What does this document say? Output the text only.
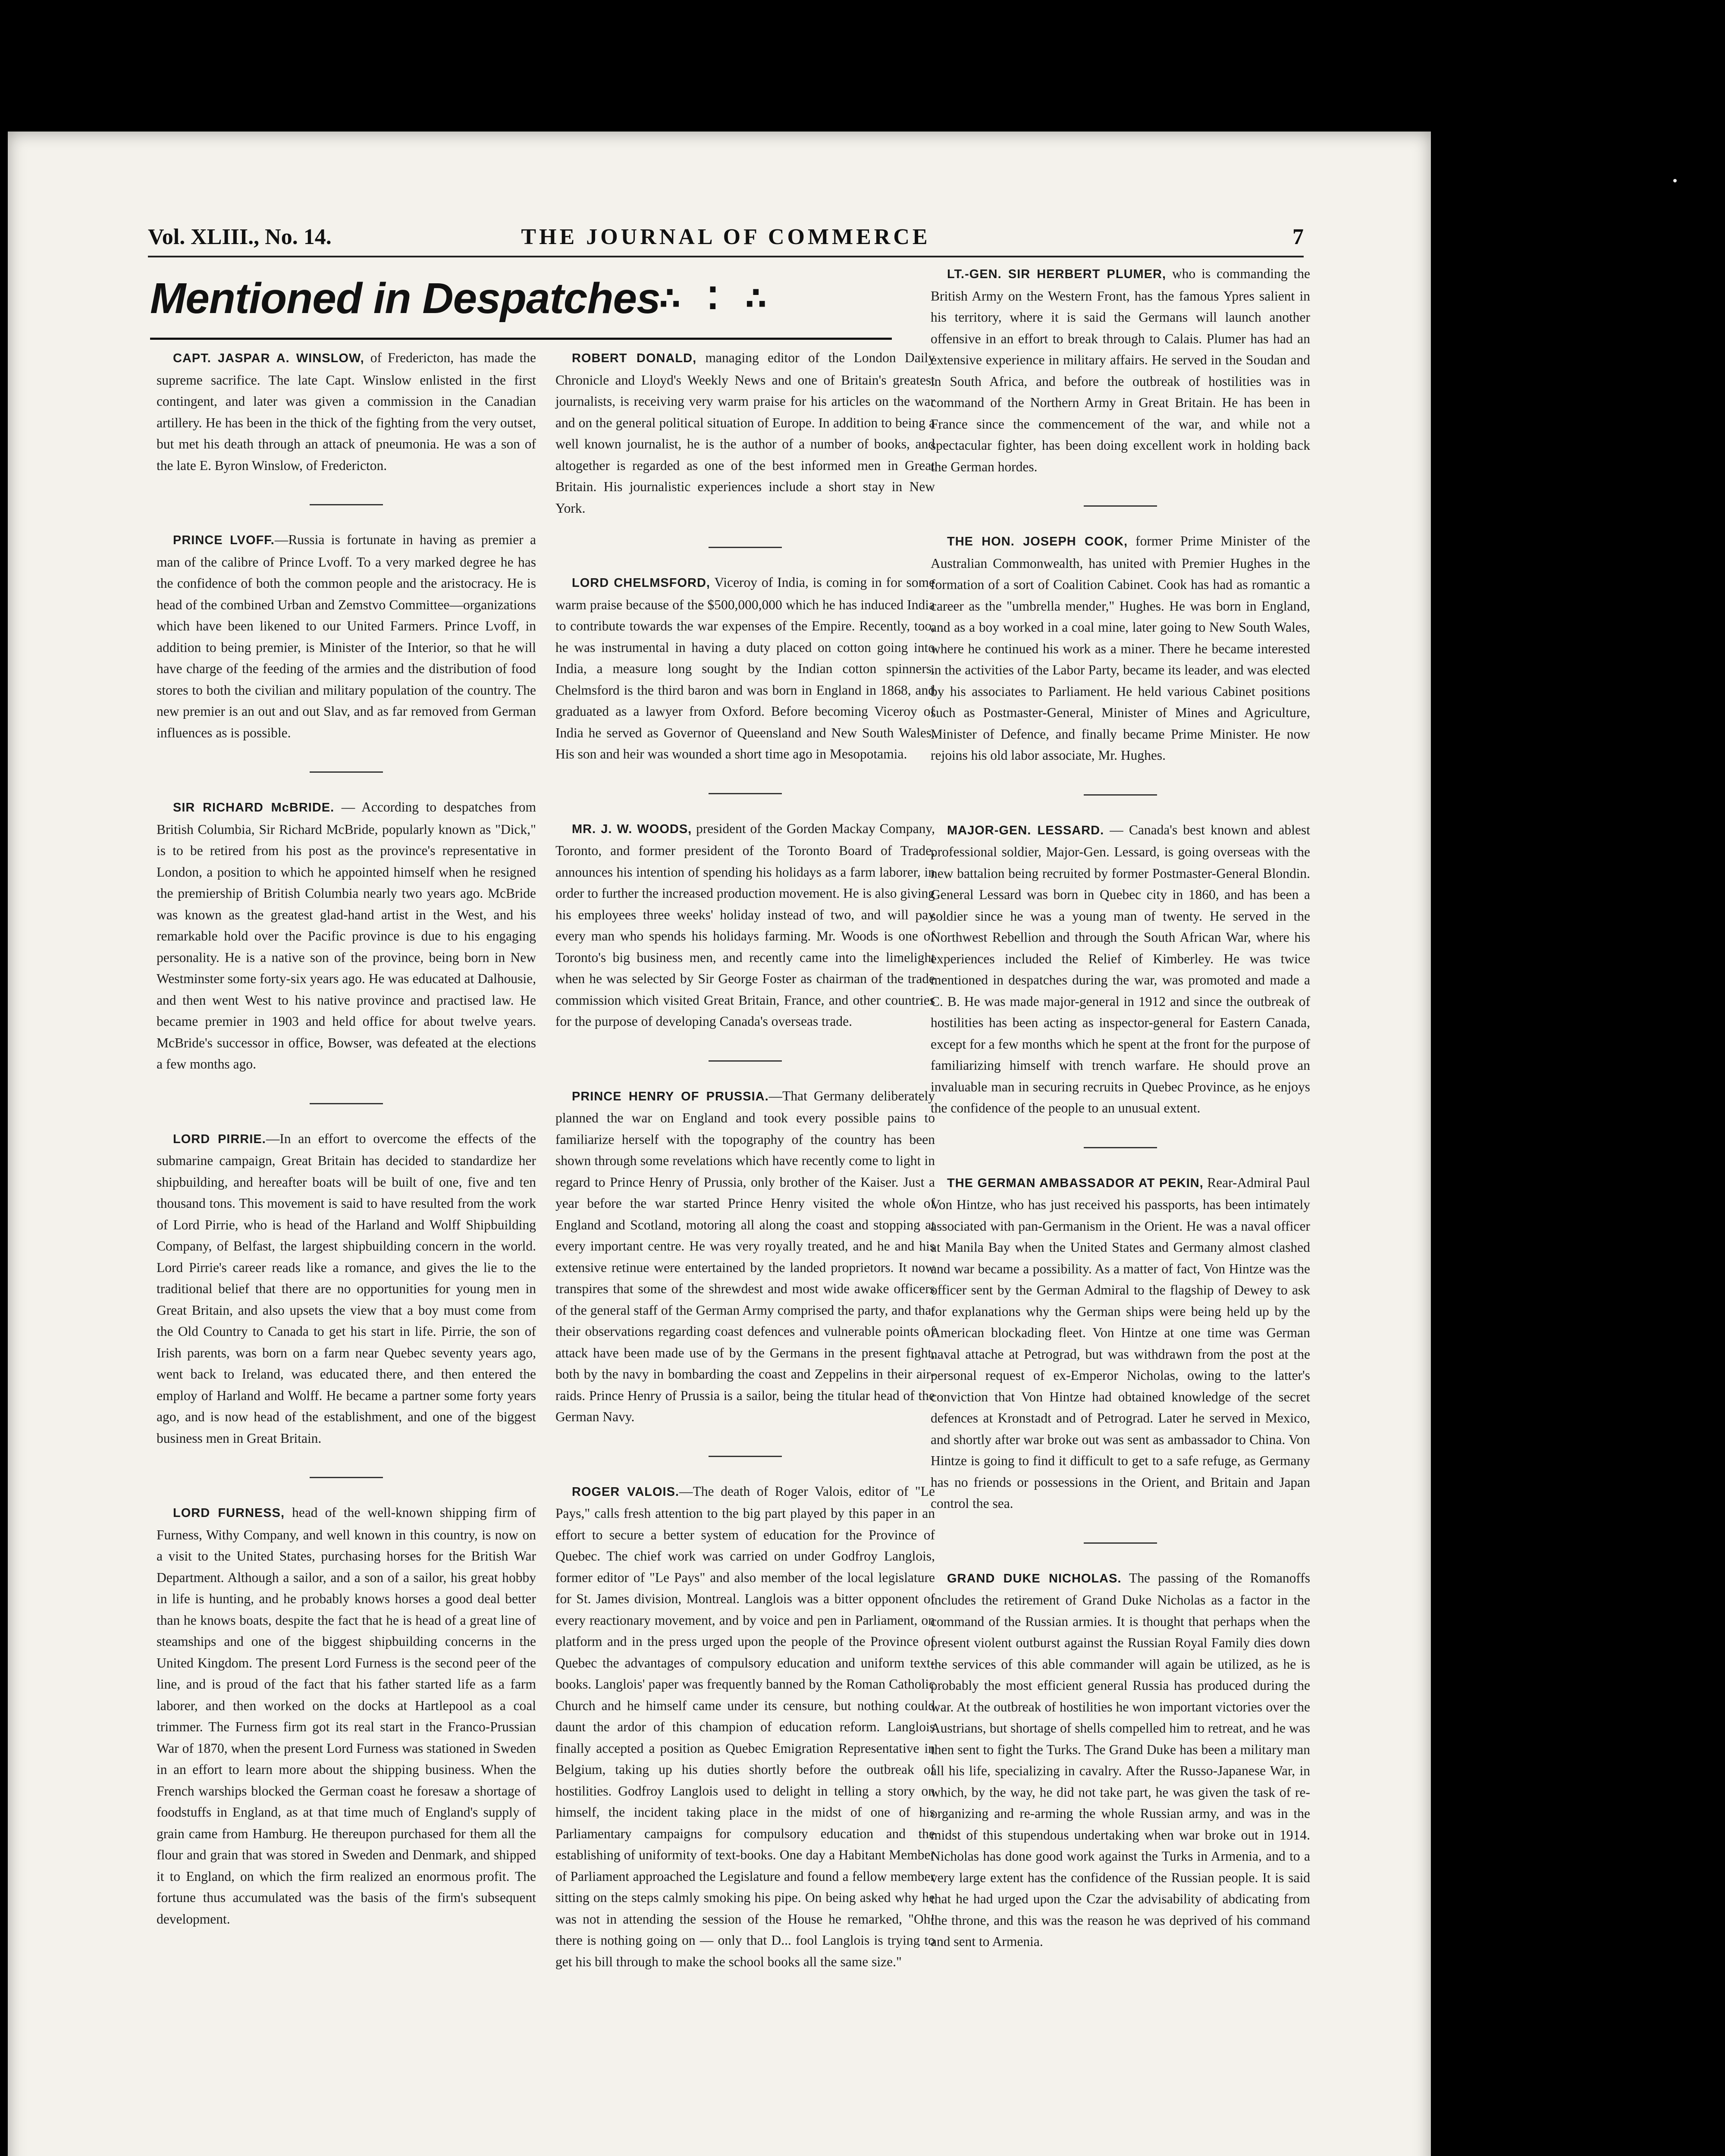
Vol. XLIII., No. 14.	THE JOURNAL OF COMMERCE	7
Mentioned in Despatches
∴ ⁚ ∴

CAPT. JASPAR A. WINSLOW, of Fredericton, has made the supreme sacrifice. The late Capt. Winslow enlisted in the first contingent, and later was given a commission in the Canadian artillery. He has been in the thick of the fighting from the very outset, but met his death through an attack of pneumonia. He was a son of the late E. Byron Winslow, of Fredericton.

PRINCE LVOFF.—Russia is fortunate in having as premier a man of the calibre of Prince Lvoff. To a very marked degree he has the confidence of both the common people and the aristocracy. He is head of the combined Urban and Zemstvo Committee—organizations which have been likened to our United Farmers. Prince Lvoff, in addition to being premier, is Minister of the Interior, so that he will have charge of the feeding of the armies and the distribution of food stores to both the civilian and military population of the country. The new premier is an out and out Slav, and as far removed from German influences as is possible.

SIR RICHARD McBRIDE. — According to despatches from British Columbia, Sir Richard McBride, popularly known as "Dick," is to be retired from his post as the province's representative in London, a position to which he appointed himself when he resigned the premiership of British Columbia nearly two years ago. McBride was known as the greatest glad-hand artist in the West, and his remarkable hold over the Pacific province is due to his engaging personality. He is a native son of the province, being born in New Westminster some forty-six years ago. He was educated at Dalhousie, and then went West to his native province and practised law. He became premier in 1903 and held office for about twelve years. McBride's successor in office, Bowser, was defeated at the elections a few months ago.

LORD PIRRIE.—In an effort to overcome the effects of the submarine campaign, Great Britain has decided to standardize her shipbuilding, and hereafter boats will be built of one, five and ten thousand tons. This movement is said to have resulted from the work of Lord Pirrie, who is head of the Harland and Wolff Shipbuilding Company, of Belfast, the largest shipbuilding concern in the world. Lord Pirrie's career reads like a romance, and gives the lie to the traditional belief that there are no opportunities for young men in Great Britain, and also upsets the view that a boy must come from the Old Country to Canada to get his start in life. Pirrie, the son of Irish parents, was born on a farm near Quebec seventy years ago, went back to Ireland, was educated there, and then entered the employ of Harland and Wolff. He became a partner some forty years ago, and is now head of the establishment, and one of the biggest business men in Great Britain.

LORD FURNESS, head of the well-known shipping firm of Furness, Withy Company, and well known in this country, is now on a visit to the United States, purchasing horses for the British War Department. Although a sailor, and a son of a sailor, his great hobby in life is hunting, and he probably knows horses a good deal better than he knows boats, despite the fact that he is head of a great line of steamships and one of the biggest shipbuilding concerns in the United Kingdom. The present Lord Furness is the second peer of the line, and is proud of the fact that his father started life as a farm laborer, and then worked on the docks at Hartlepool as a coal trimmer. The Furness firm got its real start in the Franco-Prussian War of 1870, when the present Lord Furness was stationed in Sweden in an effort to learn more about the shipping business. When the French warships blocked the German coast he foresaw a shortage of foodstuffs in England, as at that time much of England's supply of grain came from Hamburg. He thereupon purchased for them all the flour and grain that was stored in Sweden and Denmark, and shipped it to England, on which the firm realized an enormous profit. The fortune thus accumulated was the basis of the firm's subsequent development.

ROBERT DONALD, managing editor of the London Daily Chronicle and Lloyd's Weekly News and one of Britain's greatest journalists, is receiving very warm praise for his articles on the war and on the general political situation of Europe. In addition to being a well known journalist, he is the author of a number of books, and altogether is regarded as one of the best informed men in Great Britain. His journalistic experiences include a short stay in New York.

LORD CHELMSFORD, Viceroy of India, is coming in for some warm praise because of the $500,000,000 which he has induced India to contribute towards the war expenses of the Empire. Recently, too, he was instrumental in having a duty placed on cotton going into India, a measure long sought by the Indian cotton spinners. Chelmsford is the third baron and was born in England in 1868, and graduated as a lawyer from Oxford. Before becoming Viceroy of India he served as Governor of Queensland and New South Wales. His son and heir was wounded a short time ago in Mesopotamia.

MR. J. W. WOODS, president of the Gorden Mackay Company, Toronto, and former president of the Toronto Board of Trade, announces his intention of spending his holidays as a farm laborer, in order to further the increased production movement. He is also giving his employees three weeks' holiday instead of two, and will pay every man who spends his holidays farming. Mr. Woods is one of Toronto's big business men, and recently came into the limelight when he was selected by Sir George Foster as chairman of the trade commission which visited Great Britain, France, and other countries for the purpose of developing Canada's overseas trade.

PRINCE HENRY OF PRUSSIA.—That Germany deliberately planned the war on England and took every possible pains to familiarize herself with the topography of the country has been shown through some revelations which have recently come to light in regard to Prince Henry of Prussia, only brother of the Kaiser. Just a year before the war started Prince Henry visited the whole of England and Scotland, motoring all along the coast and stopping at every important centre. He was very royally treated, and he and his extensive retinue were entertained by the landed proprietors. It now transpires that some of the shrewdest and most wide awake officers of the general staff of the German Army comprised the party, and that their observations regarding coast defences and vulnerable points of attack have been made use of by the Germans in the present fight, both by the navy in bombarding the coast and Zeppelins in their air-raids. Prince Henry of Prussia is a sailor, being the titular head of the German Navy.

ROGER VALOIS.—The death of Roger Valois, editor of "Le Pays," calls fresh attention to the big part played by this paper in an effort to secure a better system of education for the Province of Quebec. The chief work was carried on under Godfroy Langlois, former editor of "Le Pays" and also member of the local legislature for St. James division, Montreal. Langlois was a bitter opponent of every reactionary movement, and by voice and pen in Parliament, on platform and in the press urged upon the people of the Province of Quebec the advantages of compulsory education and uniform text-books. Langlois' paper was frequently banned by the Roman Catholic Church and he himself came under its censure, but nothing could daunt the ardor of this champion of education reform. Langlois finally accepted a position as Quebec Emigration Representative in Belgium, taking up his duties shortly before the outbreak of hostilities. Godfroy Langlois used to delight in telling a story on himself, the incident taking place in the midst of one of his Parliamentary campaigns for compulsory education and the establishing of uniformity of text-books. One day a Habitant Member of Parliament approached the Legislature and found a fellow member sitting on the steps calmly smoking his pipe. On being asked why he was not in attending the session of the House he remarked, "Oh! there is nothing going on — only that D... fool Langlois is trying to get his bill through to make the school books all the same size."

LT.-GEN. SIR HERBERT PLUMER, who is commanding the British Army on the Western Front, has the famous Ypres salient in his territory, where it is said the Germans will launch another offensive in an effort to break through to Calais. Plumer has had an extensive experience in military affairs. He served in the Soudan and in South Africa, and before the outbreak of hostilities was in command of the Northern Army in Great Britain. He has been in France since the commencement of the war, and while not a spectacular fighter, has been doing excellent work in holding back the German hordes.

THE HON. JOSEPH COOK, former Prime Minister of the Australian Commonwealth, has united with Premier Hughes in the formation of a sort of Coalition Cabinet. Cook has had as romantic a career as the "umbrella mender," Hughes. He was born in England, and as a boy worked in a coal mine, later going to New South Wales, where he continued his work as a miner. There he became interested in the activities of the Labor Party, became its leader, and was elected by his associates to Parliament. He held various Cabinet positions such as Postmaster-General, Minister of Mines and Agriculture, Minister of Defence, and finally became Prime Minister. He now rejoins his old labor associate, Mr. Hughes.

MAJOR-GEN. LESSARD. — Canada's best known and ablest professional soldier, Major-Gen. Lessard, is going overseas with the new battalion being recruited by former Postmaster-General Blondin. General Lessard was born in Quebec city in 1860, and has been a soldier since he was a young man of twenty. He served in the Northwest Rebellion and through the South African War, where his experiences included the Relief of Kimberley. He was twice mentioned in despatches during the war, was promoted and made a C. B. He was made major-general in 1912 and since the outbreak of hostilities has been acting as inspector-general for Eastern Canada, except for a few months which he spent at the front for the purpose of familiarizing himself with trench warfare. He should prove an invaluable man in securing recruits in Quebec Province, as he enjoys the confidence of the people to an unusual extent.

THE GERMAN AMBASSADOR AT PEKIN, Rear-Admiral Paul Von Hintze, who has just received his passports, has been intimately associated with pan-Germanism in the Orient. He was a naval officer at Manila Bay when the United States and Germany almost clashed and war became a possibility. As a matter of fact, Von Hintze was the officer sent by the German Admiral to the flagship of Dewey to ask for explanations why the German ships were being held up by the American blockading fleet. Von Hintze at one time was German naval attache at Petrograd, but was withdrawn from the post at the personal request of ex-Emperor Nicholas, owing to the latter's conviction that Von Hintze had obtained knowledge of the secret defences at Kronstadt and of Petrograd. Later he served in Mexico, and shortly after war broke out was sent as ambassador to China. Von Hintze is going to find it difficult to get to a safe refuge, as Germany has no friends or possessions in the Orient, and Britain and Japan control the sea.

GRAND DUKE NICHOLAS. The passing of the Romanoffs includes the retirement of Grand Duke Nicholas as a factor in the command of the Russian armies. It is thought that perhaps when the present violent outburst against the Russian Royal Family dies down the services of this able commander will again be utilized, as he is probably the most efficient general Russia has produced during the war. At the outbreak of hostilities he won important victories over the Austrians, but shortage of shells compelled him to retreat, and he was then sent to fight the Turks. The Grand Duke has been a military man all his life, specializing in cavalry. After the Russo-Japanese War, in which, by the way, he did not take part, he was given the task of re-organizing and re-arming the whole Russian army, and was in the midst of this stupendous undertaking when war broke out in 1914. Nicholas has done good work against the Turks in Armenia, and to a very large extent has the confidence of the Russian people. It is said that he had urged upon the Czar the advisability of abdicating from the throne, and this was the reason he was deprived of his command and sent to Armenia.
